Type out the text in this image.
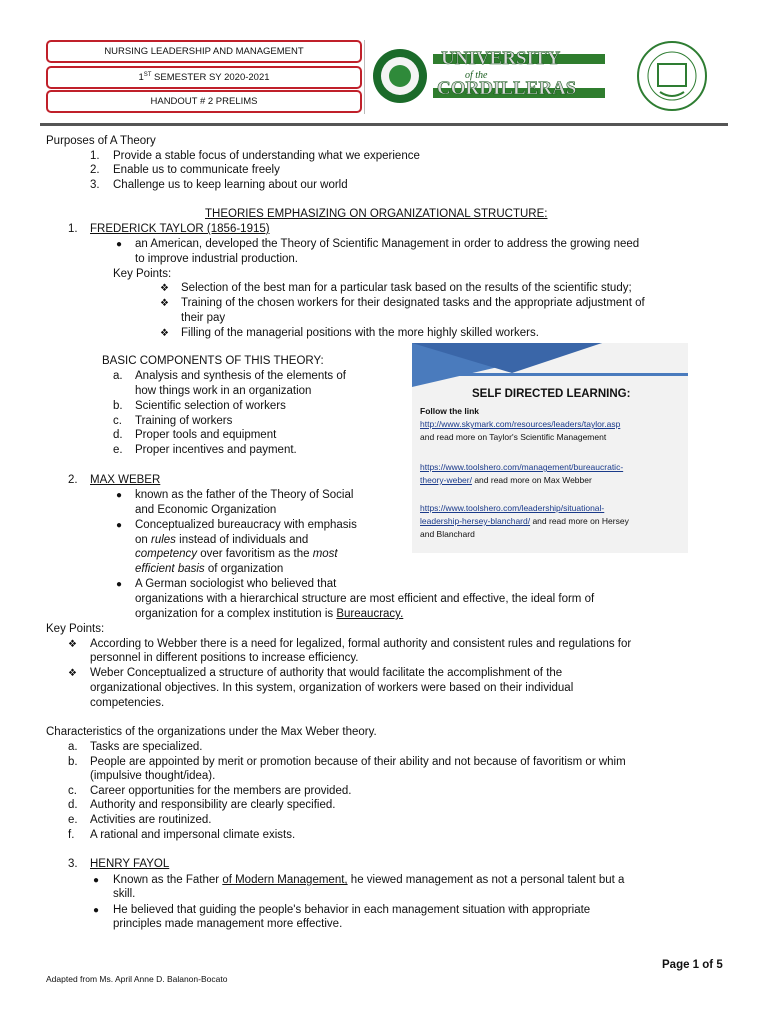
NURSING LEADERSHIP AND MANAGEMENT
1ST SEMESTER SY 2020-2021
HANDOUT # 2 PRELIMS
UNIVERSITY
of the
CORDILLERAS
Purposes of A Theory
1. Provide a stable focus of understanding what we experience
2. Enable us to communicate freely
3. Challenge us to keep learning about our world
THEORIES EMPHASIZING ON ORGANIZATIONAL STRUCTURE:
1. FREDERICK TAYLOR (1856-1915)
● an American, developed the Theory of Scientific Management in order to address the growing need
to improve industrial production.
Key Points:
❖ Selection of the best man for a particular task based on the results of the scientific study;
❖ Training of the chosen workers for their designated tasks and the appropriate adjustment of
their pay
❖ Filling of the managerial positions with the more highly skilled workers.
BASIC COMPONENTS OF THIS THEORY:
a. Analysis and synthesis of the elements of
how things work in an organization
b. Scientific selection of workers
c. Training of workers
d. Proper tools and equipment
e. Proper incentives and payment.
SELF DIRECTED LEARNING:
Follow the link
http://www.skymark.com/resources/leaders/taylor.asp
and read more on Taylor's Scientific Management
https://www.toolshero.com/management/bureaucratic-
theory-weber/ and read more on Max Webber
https://www.toolshero.com/leadership/situational-
leadership-hersey-blanchard/ and read more on Hersey
and Blanchard
2. MAX WEBER
● known as the father of the Theory of Social
and Economic Organization
● Conceptualized bureaucracy with emphasis
on rules instead of individuals and
competency over favoritism as the most
efficient basis of organization
● A German sociologist who believed that
organizations with a hierarchical structure are most efficient and effective, the ideal form of
organization for a complex institution is Bureaucracy.
Key Points:
❖ According to Webber there is a need for legalized, formal authority and consistent rules and regulations for
personnel in different positions to increase efficiency.
❖ Weber Conceptualized a structure of authority that would facilitate the accomplishment of the
organizational objectives. In this system, organization of workers were based on their individual
competencies.
Characteristics of the organizations under the Max Weber theory.
a. Tasks are specialized.
b. People are appointed by merit or promotion because of their ability and not because of favoritism or whim
(impulsive thought/idea).
c. Career opportunities for the members are provided.
d. Authority and responsibility are clearly specified.
e. Activities are routinized.
f. A rational and impersonal climate exists.
3. HENRY FAYOL
● Known as the Father of Modern Management, he viewed management as not a personal talent but a
skill.
● He believed that guiding the people's behavior in each management situation with appropriate
principles made management more effective.
Page 1 of 5
Adapted from Ms. April Anne D. Balanon-Bocato
